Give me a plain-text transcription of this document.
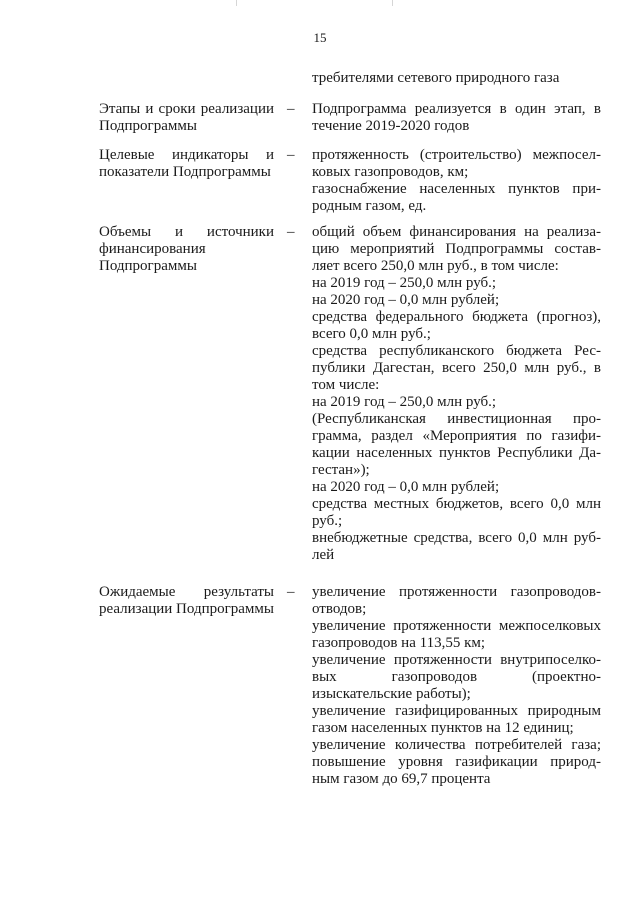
15
требителями сетевого природного газа
Этапы и сроки реализации Подпрограммы
– Подпрограмма реализуется в один этап, в
течение 2019-2020 годов
Целевые индикаторы и показатели Подпрограммы
– протяженность (строительство) межпосел-
ковых газопроводов, км;
газоснабжение населенных пунктов при-
родным газом, ед.
Объемы и источники финансирования Подпрограммы
– общий объем финансирования на реализа-
цию мероприятий Подпрограммы состав-
ляет всего 250,0 млн руб., в том числе:
на 2019 год – 250,0 млн руб.;
на 2020 год – 0,0 млн рублей;
средства федерального бюджета (прогноз),
всего 0,0 млн руб.;
средства республиканского бюджета Рес-
публики Дагестан, всего 250,0 млн руб., в
том числе:
на 2019 год – 250,0 млн руб.;
(Республиканская инвестиционная про-
грамма, раздел «Мероприятия по газифи-
кации населенных пунктов Республики Да-
гестан»);
на 2020 год – 0,0 млн рублей;
средства местных бюджетов, всего 0,0 млн
руб.;
внебюджетные средства, всего 0,0 млн руб-
лей
Ожидаемые результаты реализации Подпрограммы
– увеличение протяженности газопроводов-
отводов;
увеличение протяженности межпоселковых
газопроводов на 113,55 км;
увеличение протяженности внутрипоселко-
вых газопроводов (проектно-
изыскательские работы);
увеличение газифицированных природным
газом населенных пунктов на 12 единиц;
увеличение количества потребителей газа;
повышение уровня газификации природ-
ным газом до 69,7 процента
